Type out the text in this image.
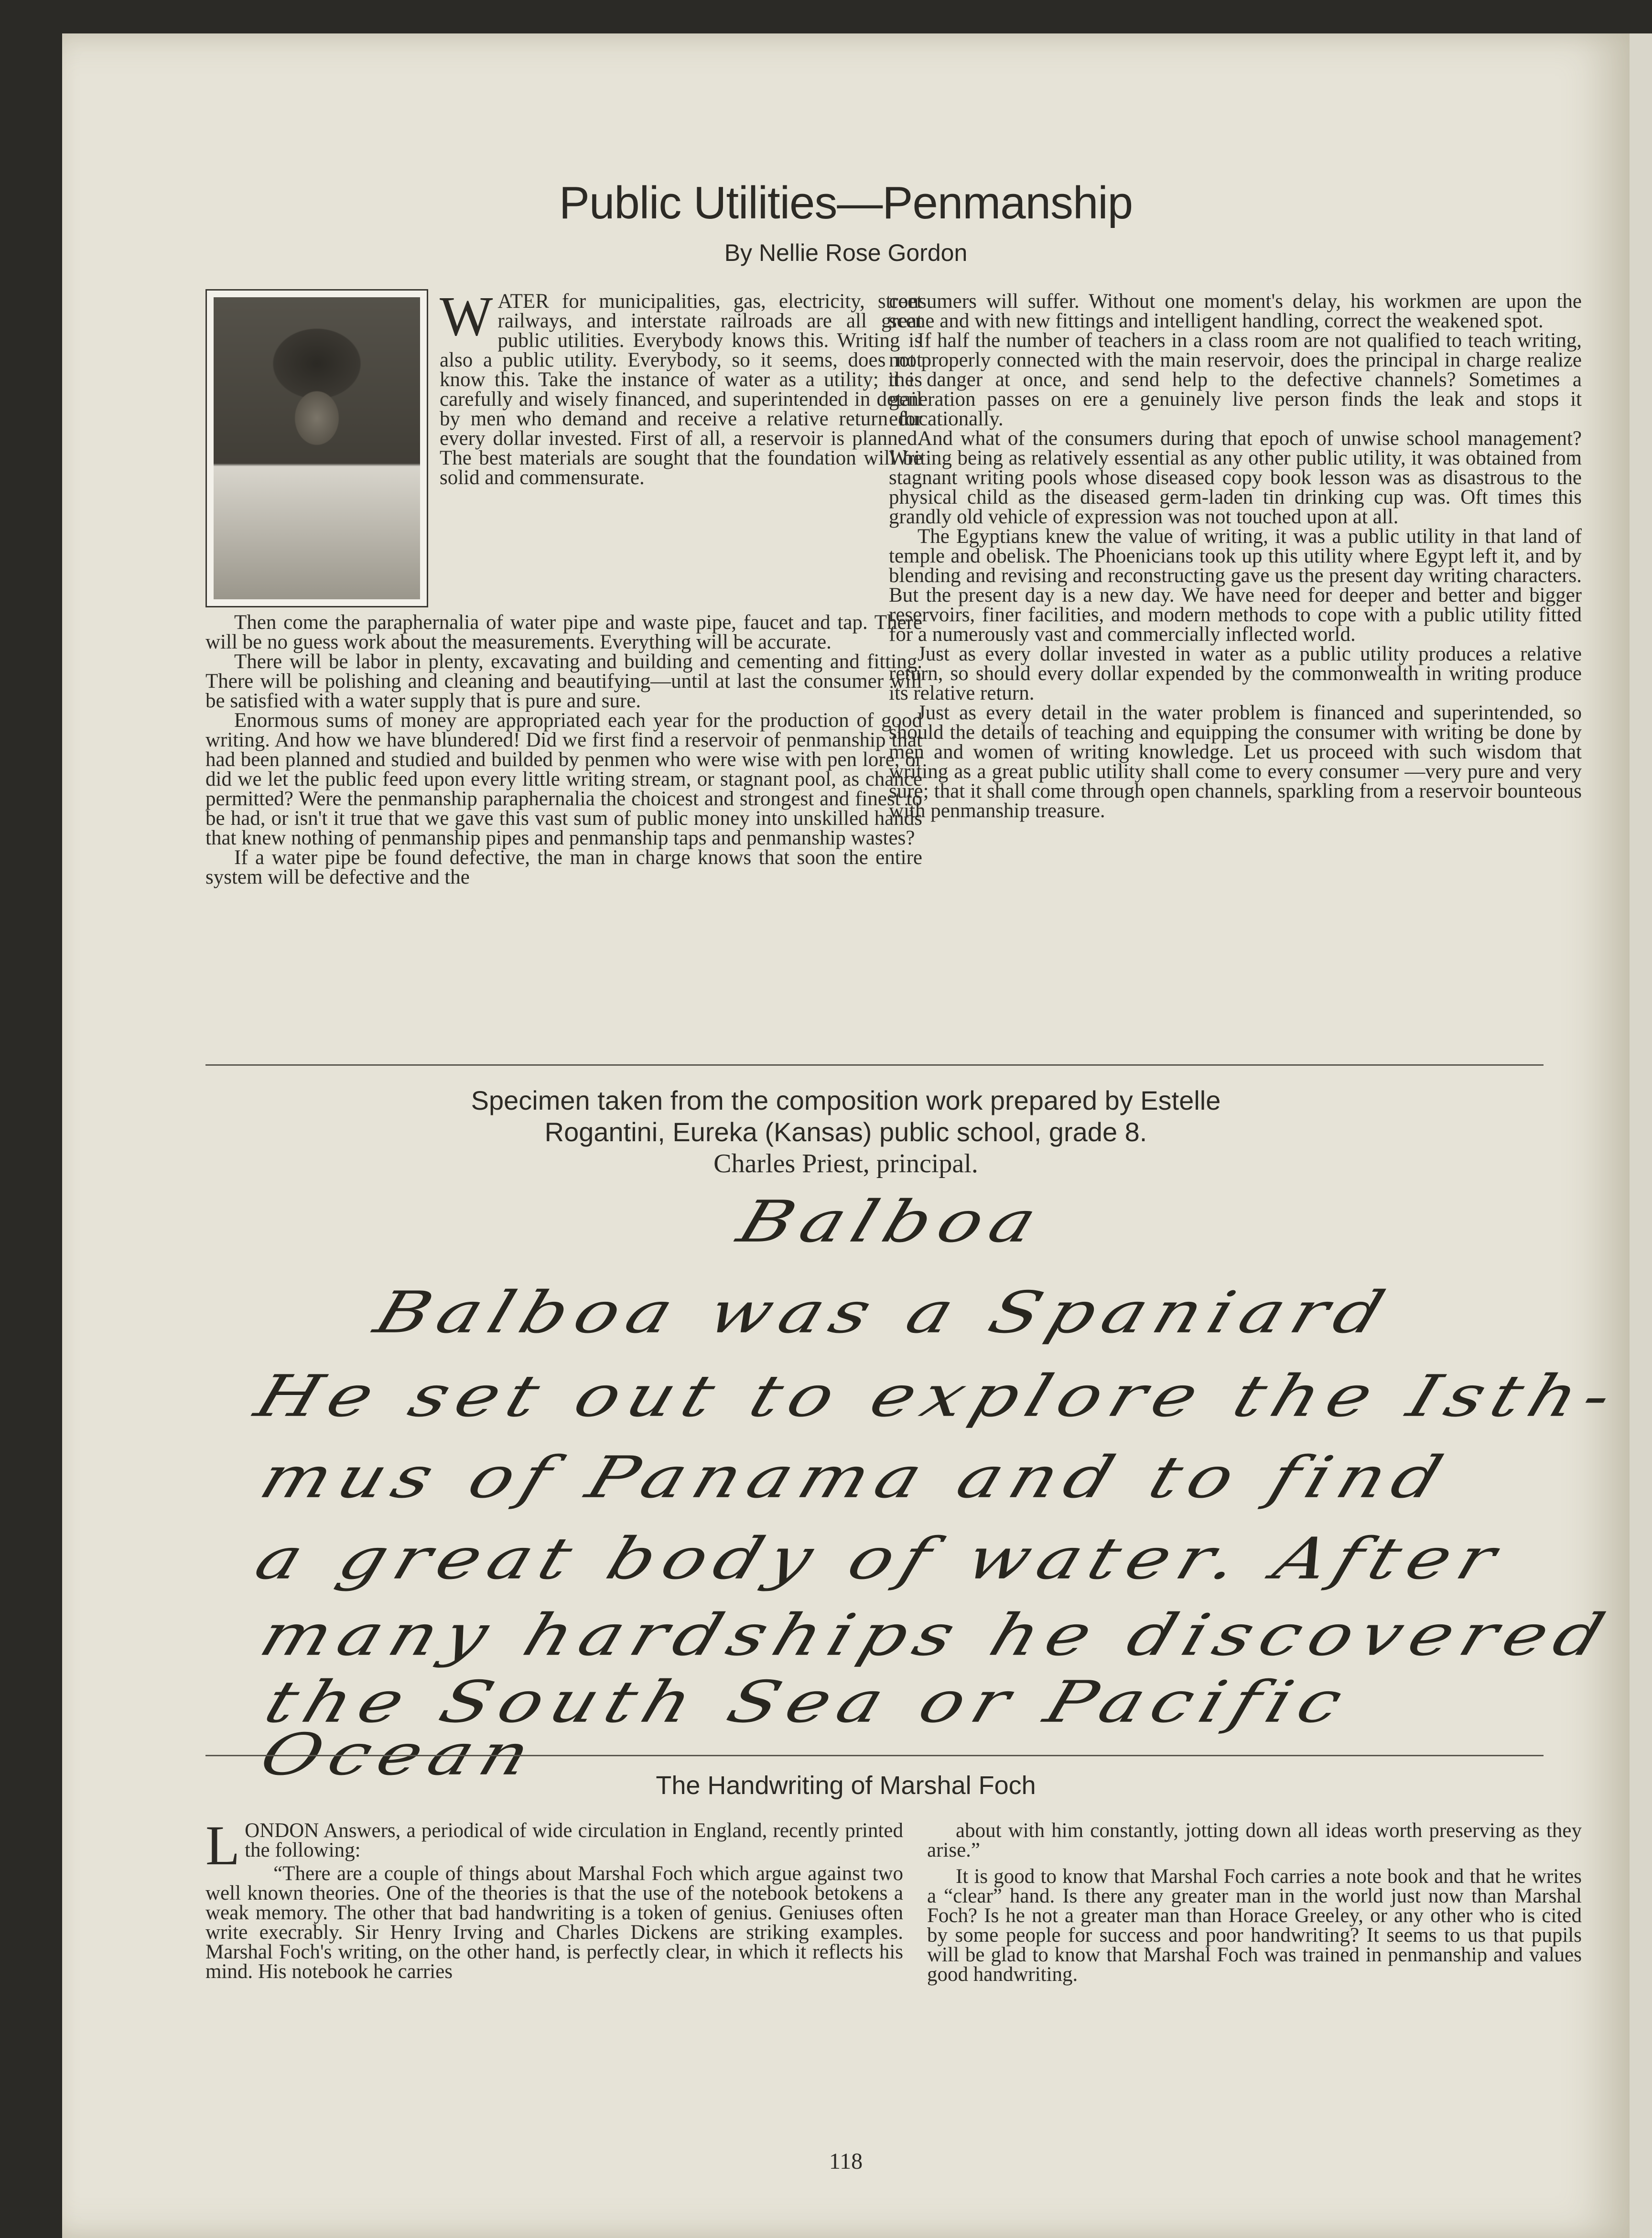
Public Utilities—Penmanship
By Nellie Rose Gordon

WATER for municipalities, gas, electricity, street railways, and interstate railroads are all great public utilities. Everybody knows this. Writing is also a public utility. Everybody, so it seems, does not know this. Take the instance of water as a utility; it is carefully and wisely financed, and superintended in detail by men who demand and receive a relative return for every dollar invested. First of all, a reservoir is planned. The best materials are sought that the foundation will be solid and commensurate.

Then come the paraphernalia of water pipe and waste pipe, faucet and tap. There will be no guess work about the measurements. Everything will be accurate.

There will be labor in plenty, excavating and building and cementing and fitting. There will be polishing and cleaning and beautifying—until at last the consumer will be satisfied with a water supply that is pure and sure.

Enormous sums of money are appropriated each year for the production of good writing. And how we have blundered! Did we first find a reservoir of penmanship that had been planned and studied and builded by penmen who were wise with pen lore, or did we let the public feed upon every little writing stream, or stagnant pool, as chance permitted? Were the penmanship paraphernalia the choicest and strongest and finest to be had, or isn't it true that we gave this vast sum of public money into unskilled hands that knew nothing of penmanship pipes and penmanship taps and penmanship wastes?

If a water pipe be found defective, the man in charge knows that soon the entire system will be defective and the

consumers will suffer. Without one moment's delay, his workmen are upon the scene and with new fittings and intelligent handling, correct the weakened spot.

If half the number of teachers in a class room are not qualified to teach writing, not properly connected with the main reservoir, does the principal in charge realize the danger at once, and send help to the defective channels? Sometimes a generation passes on ere a genuinely live person finds the leak and stops it educationally.

And what of the consumers during that epoch of unwise school management? Writing being as relatively essential as any other public utility, it was obtained from stagnant writing pools whose diseased copy book lesson was as disastrous to the physical child as the diseased germ-laden tin drinking cup was. Oft times this grandly old vehicle of expression was not touched upon at all.

The Egyptians knew the value of writing, it was a public utility in that land of temple and obelisk. The Phoenicians took up this utility where Egypt left it, and by blending and revising and reconstructing gave us the present day writing characters. But the present day is a new day. We have need for deeper and better and bigger reservoirs, finer facilities, and modern methods to cope with a public utility fitted for a numerously vast and commercially inflected world.

Just as every dollar invested in water as a public utility produces a relative return, so should every dollar expended by the commonwealth in writing produce its relative return.

Just as every detail in the water problem is financed and superintended, so should the details of teaching and equipping the consumer with writing be done by men and women of writing knowledge. Let us proceed with such wisdom that writing as a great public utility shall come to every consumer —very pure and very sure; that it shall come through open channels, sparkling from a reservoir bounteous with penmanship treasure.

Specimen taken from the composition work prepared by Estelle
Rogantini, Eureka (Kansas) public school, grade 8.
Charles Priest, principal.
Balboa
Balboa was a Spaniard
He set out to explore the Isth-
mus of Panama and to find
a great body of water. After
many hardships he discovered
the South Sea or Pacific
Ocean	The Handwriting of Marshal Foch

LONDON Answers, a periodical of wide circulation in England, recently printed the following:

“There are a couple of things about Marshal Foch which argue against two well known theories. One of the theories is that the use of the notebook betokens a weak memory. The other that bad handwriting is a token of genius. Geniuses often write execrably. Sir Henry Irving and Charles Dickens are striking examples. Marshal Foch's writing, on the other hand, is perfectly clear, in which it reflects his mind. His notebook he carries

about with him constantly, jotting down all ideas worth preserving as they arise.”

It is good to know that Marshal Foch carries a note book and that he writes a “clear” hand. Is there any greater man in the world just now than Marshal Foch? Is he not a greater man than Horace Greeley, or any other who is cited by some people for success and poor handwriting? It seems to us that pupils will be glad to know that Marshal Foch was trained in penmanship and values good handwriting.

118
